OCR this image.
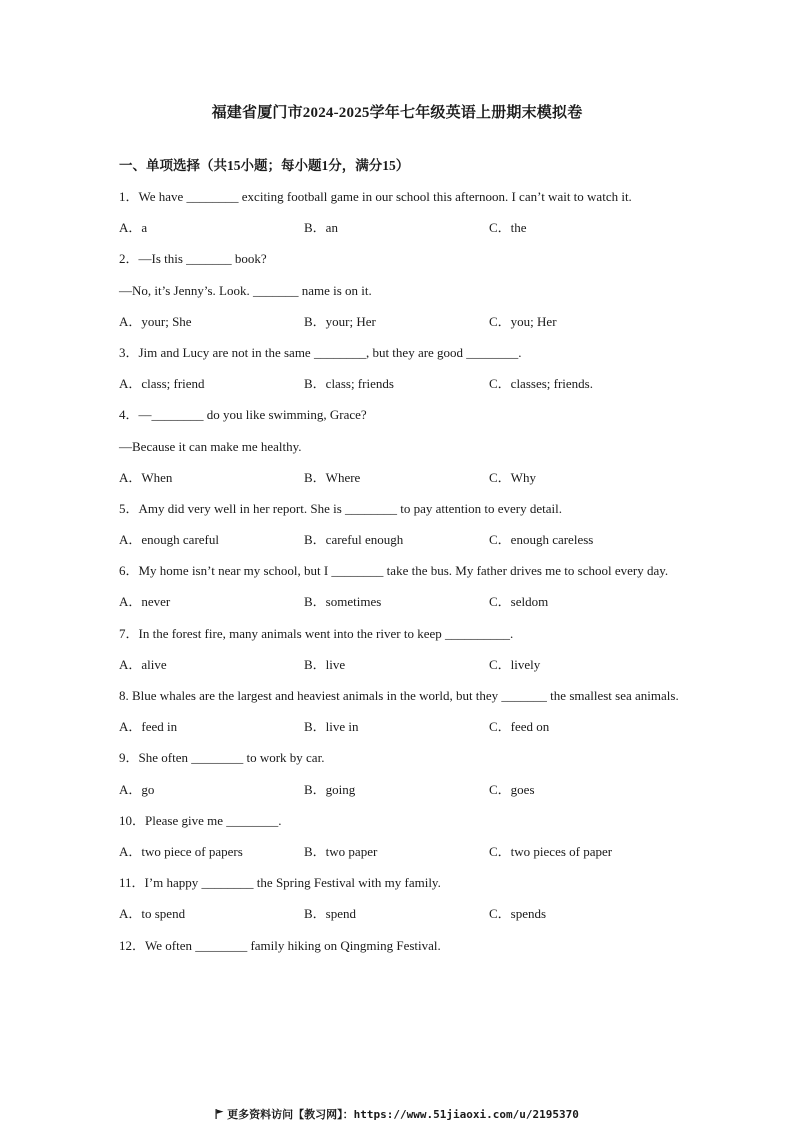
福建省厦门市2024-2025学年七年级英语上册期末模拟卷
一、单项选择（共15小题；每小题1分，满分15）
1．We have ________ exciting football game in our school this afternoon. I can’t wait to watch it.
A．a	B．an	C．the
2．—Is this _______ book?
—No, it’s Jenny’s. Look. _______ name is on it.
A．your; She	B．your; Her	C．you; Her
3．Jim and Lucy are not in the same ________, but they are good ________.
A．class; friend	B．class; friends	C．classes; friends.
4．—________ do you like swimming, Grace?
—Because it can make me healthy.
A．When	B．Where	C．Why
5．Amy did very well in her report. She is ________ to pay attention to every detail.
A．enough careful	B．careful enough	C．enough careless
6．My home isn’t near my school, but I ________ take the bus. My father drives me to school every day.
A．never	B．sometimes	C．seldom
7．In the forest fire, many animals went into the river to keep __________.
A．alive	B．live	C．lively
8. Blue whales are the largest and heaviest animals in the world, but they _______ the smallest sea animals.
A．feed in	B．live in	C．feed on
9．She often ________ to work by car.
A．go	B．going	C．goes
10．Please give me ________.
A．two piece of papers	B．two paper	C．two pieces of paper
11．I’m happy ________ the Spring Festival with my family.
A．to spend	B．spend	C．spends
12．We often ________ family hiking on Qingming Festival.
更多资料访问【教习网】：https://www.51jiaoxi.com/u/2195370
